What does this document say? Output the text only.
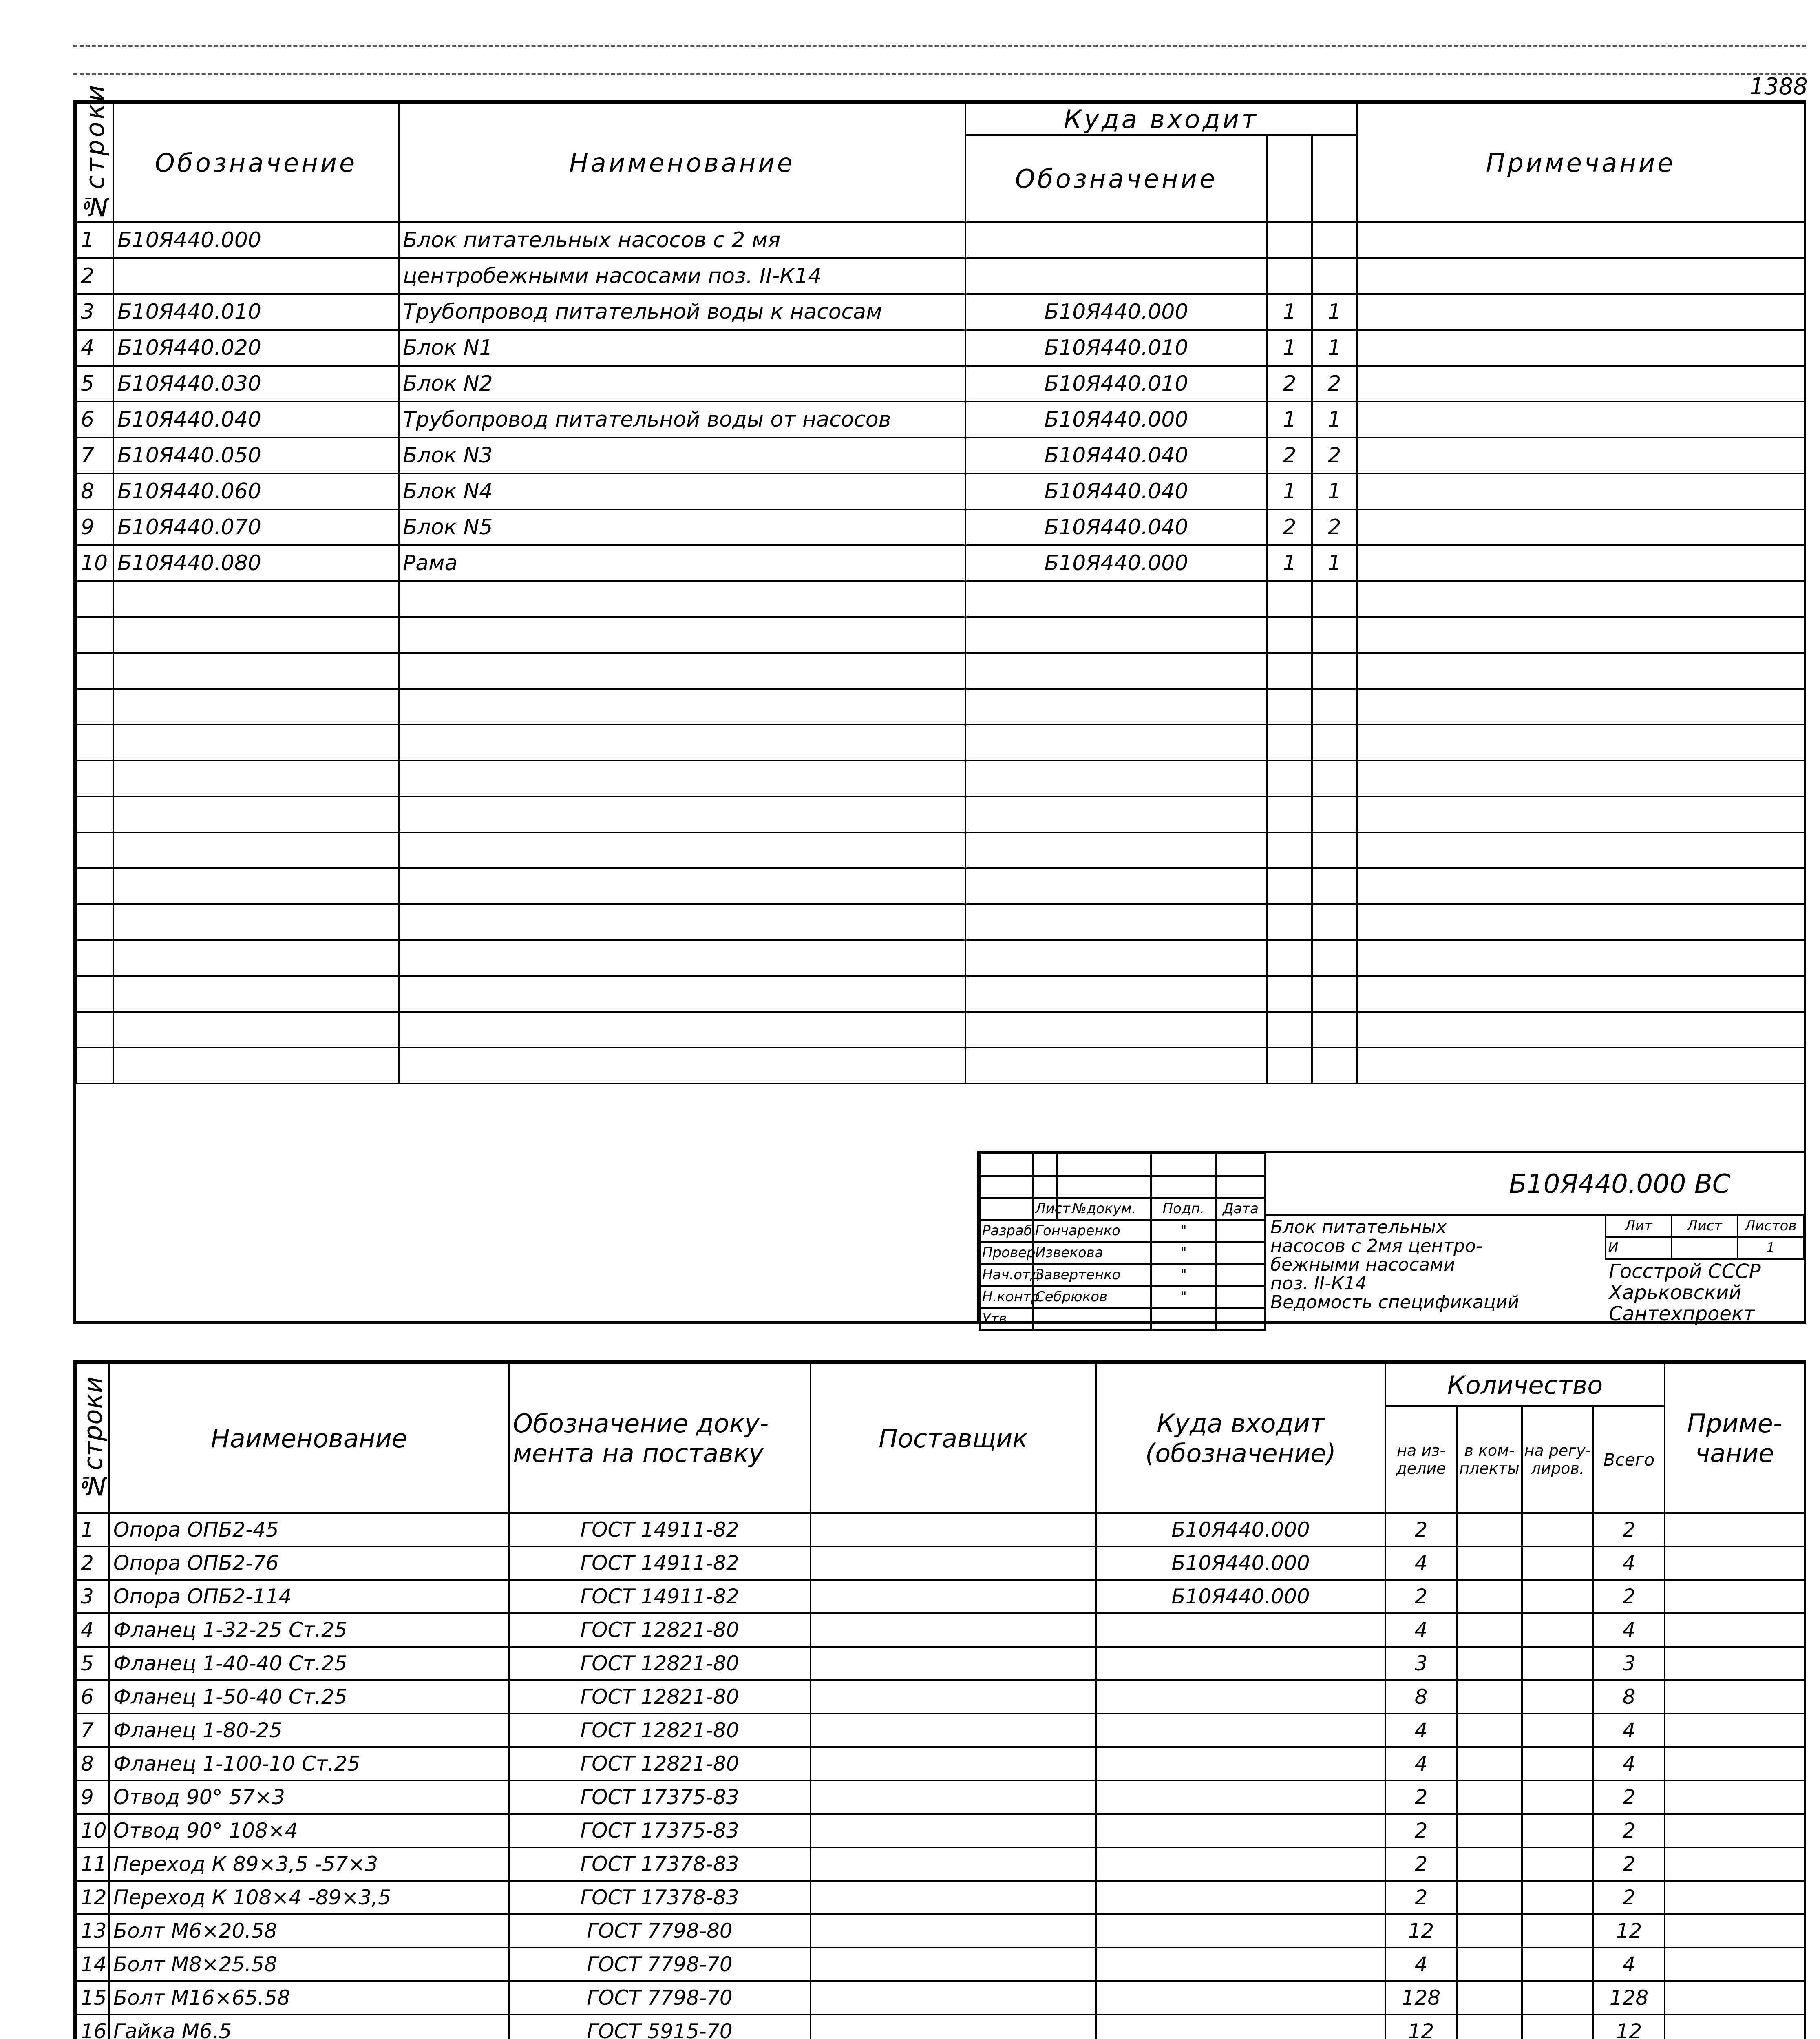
1388
№строки	Обозначение	Наименование	Куда входит			Примечание
			Обозначение			
1	Б10Я440.000	Блок питательных насосов с 2 мя				
2		центробежными насосами поз. II-К14				
3	Б10Я440.010	Трубопровод питательной воды к насосам	Б10Я440.000	1	1	
4	Б10Я440.020	Блок N1	Б10Я440.010	1	1	
5	Б10Я440.030	Блок N2	Б10Я440.010	2	2	
6	Б10Я440.040	Трубопровод питательной воды от насосов	Б10Я440.000	1	1	
7	Б10Я440.050	Блок N3	Б10Я440.040	2	2	
8	Б10Я440.060	Блок N4	Б10Я440.040	1	1	
9	Б10Я440.070	Блок N5	Б10Я440.040	2	2	
10	Б10Я440.080	Рама	Б10Я440.000	1	1	

	Лист	№докум.	Подп.	Дата
Разраб.	Гончаренко		"	
Провер.	Извекова		"	
Нач.отд.	Завертенко		"	
Н.контр.	Себрюков		"	
Утв.				
Б10Я440.000 ВС
Блок питательных
насосов с 2мя центро-
бежными насосами
поз. II-К14
Ведомость спецификаций
Лит	Лист	Листов
И		1
Госстрой СССР
Харьковский
Сантехпроект
№строки	Наименование	Обозначение доку-мента на поставку	Поставщик	Куда входит (обозначение)	Количество				Приме-чание
					на из-делие	в ком-плекты	на регу-лиров.	Всего	
1	Опора ОПБ2-45	ГОСТ 14911-82		Б10Я440.000	2			2	
2	Опора ОПБ2-76	ГОСТ 14911-82		Б10Я440.000	4			4	
3	Опора ОПБ2-114	ГОСТ 14911-82		Б10Я440.000	2			2	
4	Фланец 1-32-25 Ст.25	ГОСТ 12821-80			4			4	
5	Фланец 1-40-40 Ст.25	ГОСТ 12821-80			3			3	
6	Фланец 1-50-40 Ст.25	ГОСТ 12821-80			8			8	
7	Фланец 1-80-25	ГОСТ 12821-80			4			4	
8	Фланец 1-100-10 Ст.25	ГОСТ 12821-80			4			4	
9	Отвод 90° 57×3	ГОСТ 17375-83			2			2	
10	Отвод 90° 108×4	ГОСТ 17375-83			2			2	
11	Переход К 89×3,5 -57×3	ГОСТ 17378-83			2			2	
12	Переход К 108×4 -89×3,5	ГОСТ 17378-83			2			2	
13	Болт М6×20.58	ГОСТ 7798-80			12			12	
14	Болт М8×25.58	ГОСТ 7798-70			4			4	
15	Болт М16×65.58	ГОСТ 7798-70			128			128	
16	Гайка М6.5	ГОСТ 5915-70			12			12	
